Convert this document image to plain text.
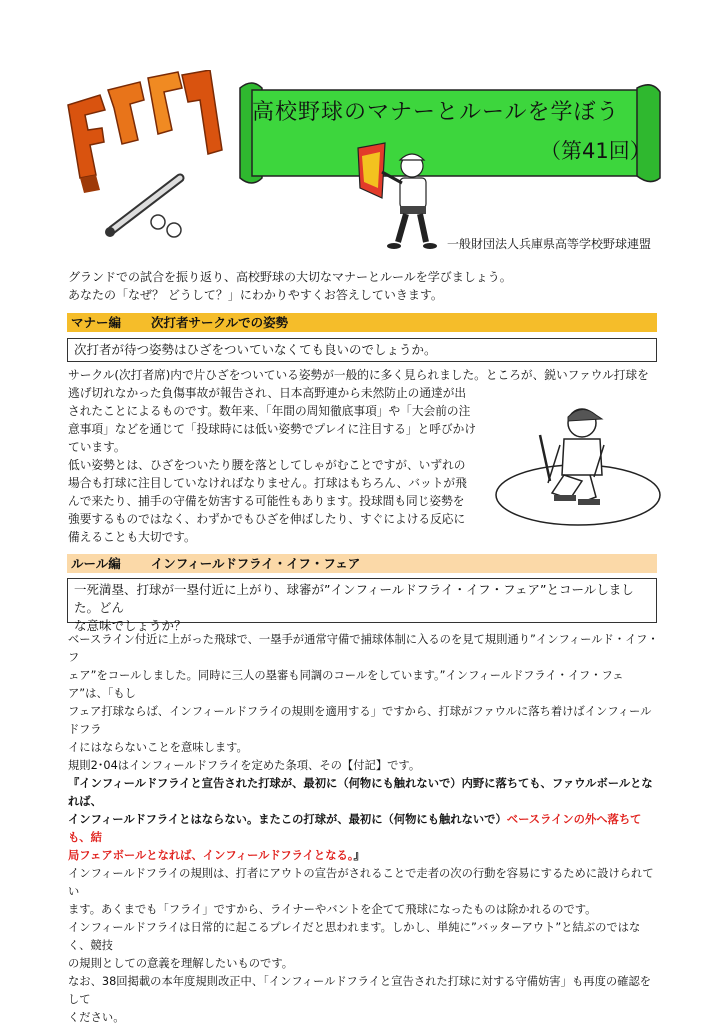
高校野球のマナーとルールを学ぼう
（第41回）
一般財団法人兵庫県高等学校野球連盟

グランドでの試合を振り返り、高校野球の大切なマナーとルールを学びましょう。

あなたの「なぜ？ どうして？」にわかりやすくお答えしていきます。

マナー編 次打者サークルでの姿勢
次打者が待つ姿勢はひざをついていなくても良いのでしょうか。

サークル(次打者席)内で片ひざをついている姿勢が一般的に多く見られました。ところが、鋭いファウル打球を

逃げ切れなかった負傷事故が報告され、日本高野連から未然防止の通達が出

されたことによるものです。数年来、「年間の周知徹底事項」や「大会前の注

意事項」などを通じて「投球時には低い姿勢でプレイに注目する」と呼びかけ

ています。

低い姿勢とは、ひざをついたり腰を落としてしゃがむことですが、いずれの

場合も打球に注目していなければなりません。打球はもちろん、バットが飛

んで来たり、捕手の守備を妨害する可能性もあります。投球間も同じ姿勢を

強要するものではなく、わずかでもひざを伸ばしたり、すぐによける反応に

備えることも大切です。

ルール編 インフィールドフライ・イフ・フェア

一死満塁、打球が一塁付近に上がり、球審が”インフィールドフライ・イフ・フェア”とコールしました。どん

な意味でしょうか？

ベースライン付近に上がった飛球で、一塁手が通常守備で捕球体制に入るのを見て規則通り”インフィールド・イフ・フ

ェア”をコールしました。同時に三人の塁審も同調のコールをしています。”インフィールドフライ・イフ・フェア”は、「もし

フェア打球ならば、インフィールドフライの規則を適用する」ですから、打球がファウルに落ち着けばインフィールドフラ

イにはならないことを意味します。

規則2･04はインフィールドフライを定めた条項、その【付記】です。

『インフィールドフライと宣告された打球が、最初に（何物にも触れないで）内野に落ちても、ファウルボールとなれば、

インフィールドフライとはならない。またこの打球が、最初に（何物にも触れないで）ベースラインの外へ落ちても、結

局フェアボールとなれば、インフィールドフライとなる。』

インフィールドフライの規則は、打者にアウトの宣告がされることで走者の次の行動を容易にするために設けられてい

ます。あくまでも「フライ」ですから、ライナーやバントを企てて飛球になったものは除かれるのです。

インフィールドフライは日常的に起こるプレイだと思われます。しかし、単純に”バッターアウト”と結ぶのではなく、競技

の規則としての意義を理解したいものです。

なお、38回掲載の本年度規則改正中、「インフィールドフライと宣告された打球に対する守備妨害」も再度の確認をして

ください。
